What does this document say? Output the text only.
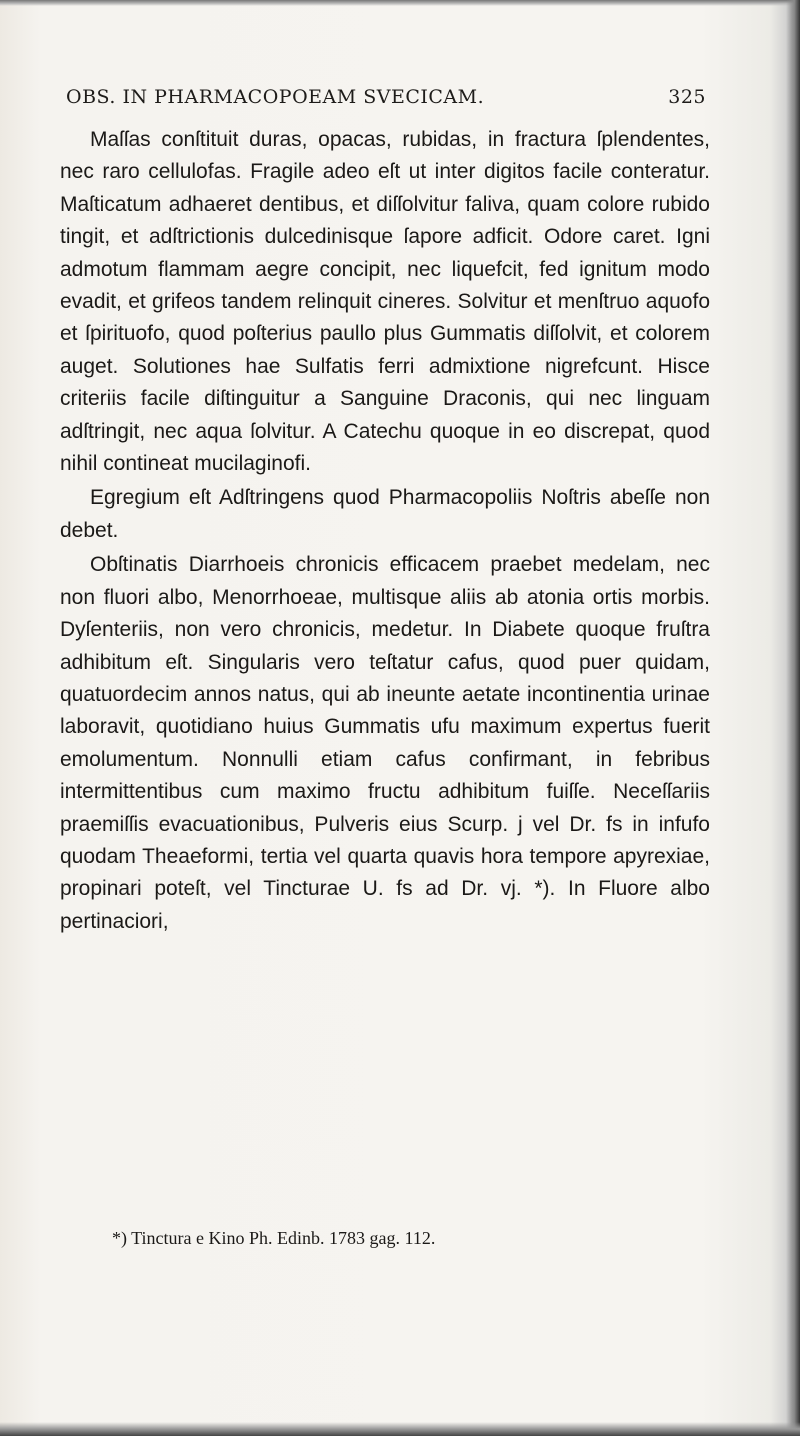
OBS. IN PHARMACOPOEAM SVECICAM.	325

Maſſas conſtituit duras, opacas, rubidas, in fractura ſplendentes, nec raro cellulofas. Fragile adeo eſt ut inter digitos facile conteratur. Maſticatum adhaeret dentibus, et diſſolvitur faliva, quam colore rubido tingit, et adſtrictionis dulcedinisque ſapore adficit. Odore caret. Igni admotum flammam aegre concipit, nec liquefcit, fed ignitum modo evadit, et grifeos tandem relinquit cineres. Solvitur et menſtruo aquofo et ſpirituofo, quod poſterius paullo plus Gummatis diſſolvit, et colorem auget. Solutiones hae Sulfatis ferri admixtione nigrefcunt. Hisce criteriis facile diſtinguitur a Sanguine Draconis, qui nec linguam adſtringit, nec aqua ſolvitur. A Catechu quoque in eo discrepat, quod nihil contineat mucilaginofi.

Egregium eſt Adſtringens quod Pharmacopoliis Noſtris abeſſe non debet.

Obſtinatis Diarrhoeis chronicis efficacem praebet medelam, nec non fluori albo, Menorrhoeae, multisque aliis ab atonia ortis morbis. Dyſenteriis, non vero chronicis, medetur. In Diabete quoque fruſtra adhibitum eſt. Singularis vero teſtatur cafus, quod puer quidam, quatuordecim annos natus, qui ab ineunte aetate incontinentia urinae laboravit, quotidiano huius Gummatis ufu maximum expertus fuerit emolumentum. Nonnulli etiam cafus confirmant, in febribus intermittentibus cum maximo fructu adhibitum fuiſſe. Neceſſariis praemiſſis evacuationibus, Pulveris eius Scurp. j vel Dr. fs in infufo quodam Theaeformi, tertia vel quarta quavis hora tempore apyrexiae, propinari poteſt, vel Tincturae U. fs ad Dr. vj. *). In Fluore albo pertinaciori,

*) Tinctura e Kino Ph. Edinb. 1783 gag. 112.
